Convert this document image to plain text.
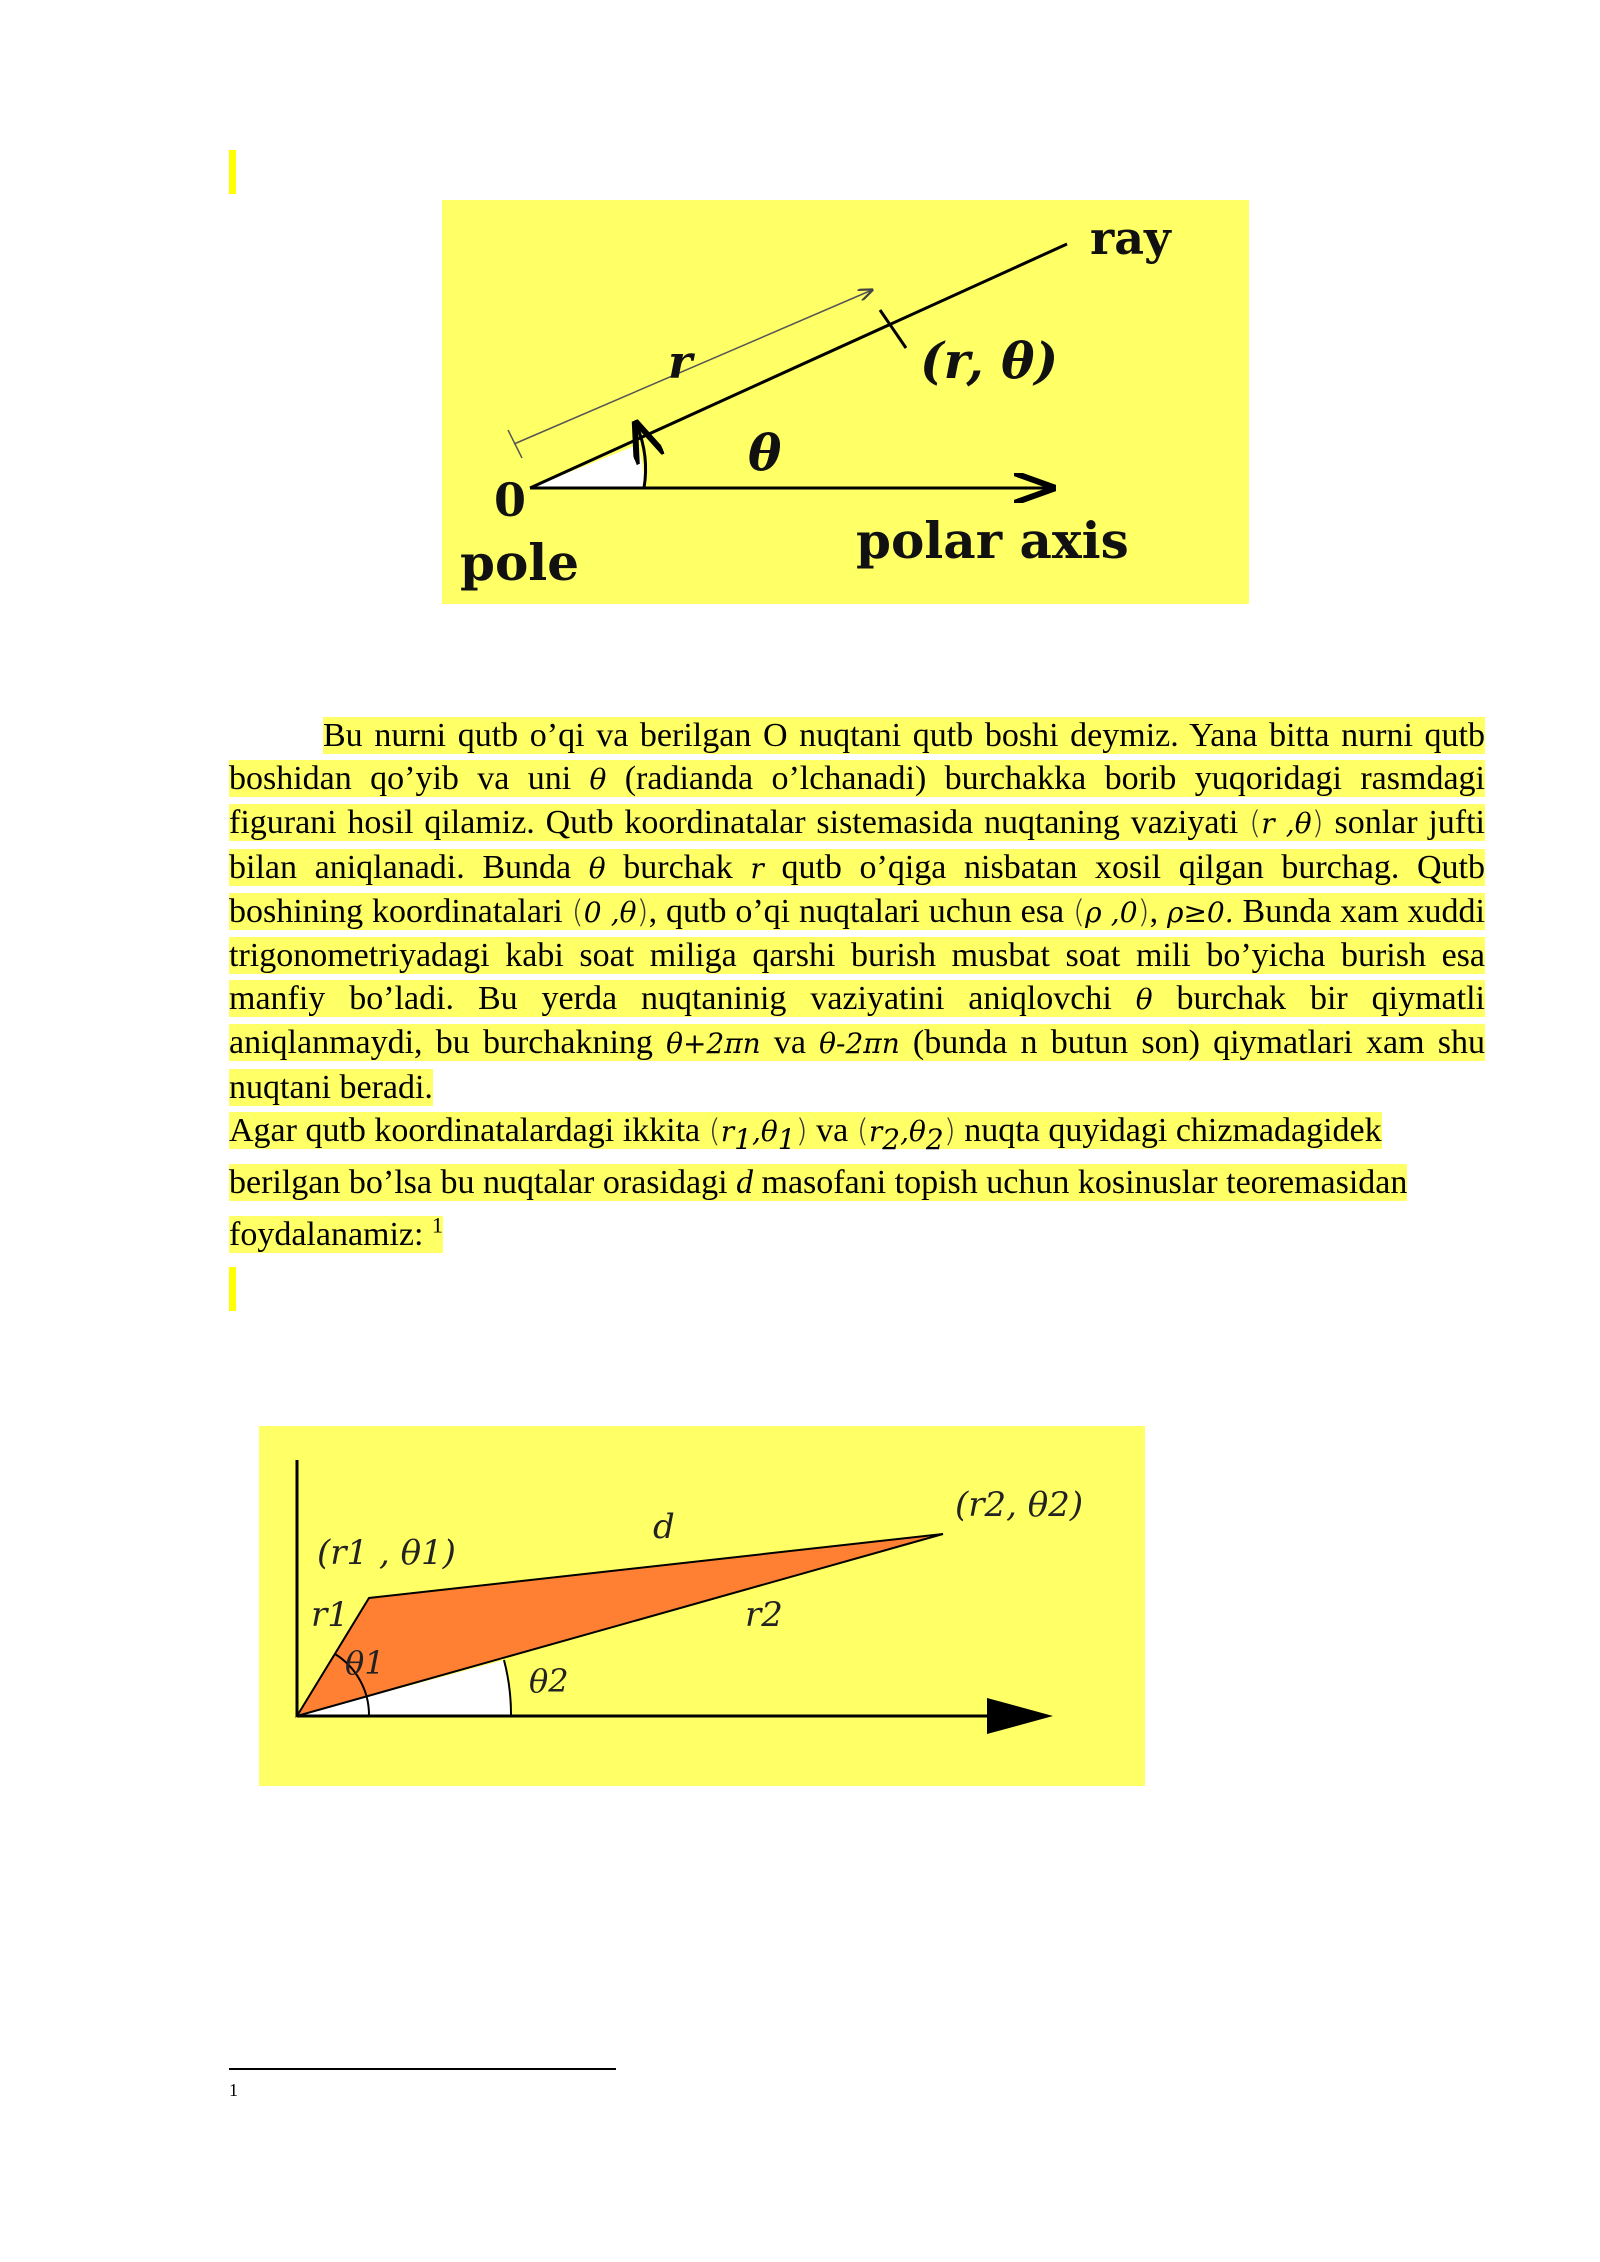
ray
r	(r, θ)
θ
0
pole	polar axis

Bu nurni qutb o’qi va berilgan O nuqtani qutb boshi deymiz. Yana bitta nurni qutb boshidan qo’yib va uni θ (radianda o’lchanadi) burchakka borib yuqoridagi rasmdagi figurani hosil qilamiz. Qutb koordinatalar sistemasida nuqtaning vaziyati (r ,θ) sonlar jufti bilan aniqlanadi. Bunda θ burchak r qutb o’qiga nisbatan xosil qilgan burchag. Qutb boshining koordinatalari (0 ,θ), qutb o’qi nuqtalari uchun esa (ρ ,0), ρ≥0. Bunda xam xuddi trigonometriyadagi kabi soat miliga qarshi burish musbat soat mili bo’yicha burish esa manfiy bo’ladi. Bu yerda nuqtaninig vaziyatini aniqlovchi θ burchak bir qiymatli aniqlanmaydi, bu burchakning θ+2πn va θ-2πn (bunda n butun son) qiymatlari xam shu nuqtani beradi.

Agar qutb koordinatalardagi ikkita $(r_1,\theta_1)$ va $(r_2,\theta_2)$ nuqta quyidagi chizmadagidek berilgan bo’lsa bu nuqtalar orasidagi d masofani topish uchun kosinuslar teoremasidan foydalanamiz: $^1$

(r1 , θ1)
d
(r2, θ2)
r1	r2
θ1	θ2
1
